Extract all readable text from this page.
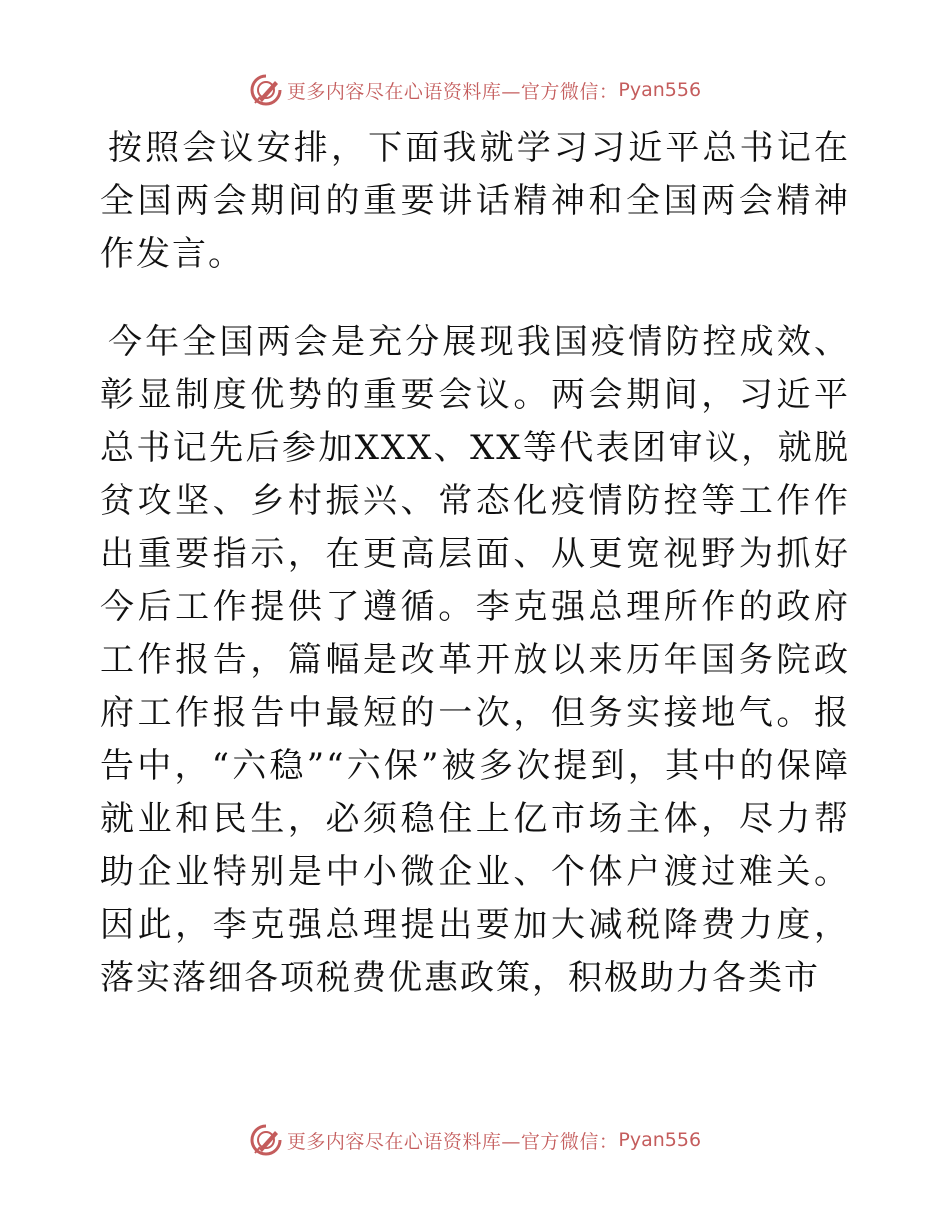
更多内容尽在心语资料库—官方微信： Pyan556

按照会议安排，下面我就学习习近平总书记在全国两会期间的重要讲话精神和全国两会精神作发言。

今年全国两会是充分展现我国疫情防控成效、彰显制度优势的重要会议。两会期间，习近平总书记先后参加XXX、XX等代表团审议，就脱贫攻坚、乡村振兴、常态化疫情防控等工作作出重要指示，在更高层面、从更宽视野为抓好今后工作提供了遵循。李克强总理所作的政府工作报告，篇幅是改革开放以来历年国务院政府工作报告中最短的一次，但务实接地气。报告中，“六稳”“六保”被多次提到，其中的保障就业和民生，必须稳住上亿市场主体，尽力帮助企业特别是中小微企业、个体户渡过难关。因此，李克强总理提出要加大减税降费力度，落实落细各项税费优惠政策，积极助力各类市

更多内容尽在心语资料库—官方微信： Pyan556
